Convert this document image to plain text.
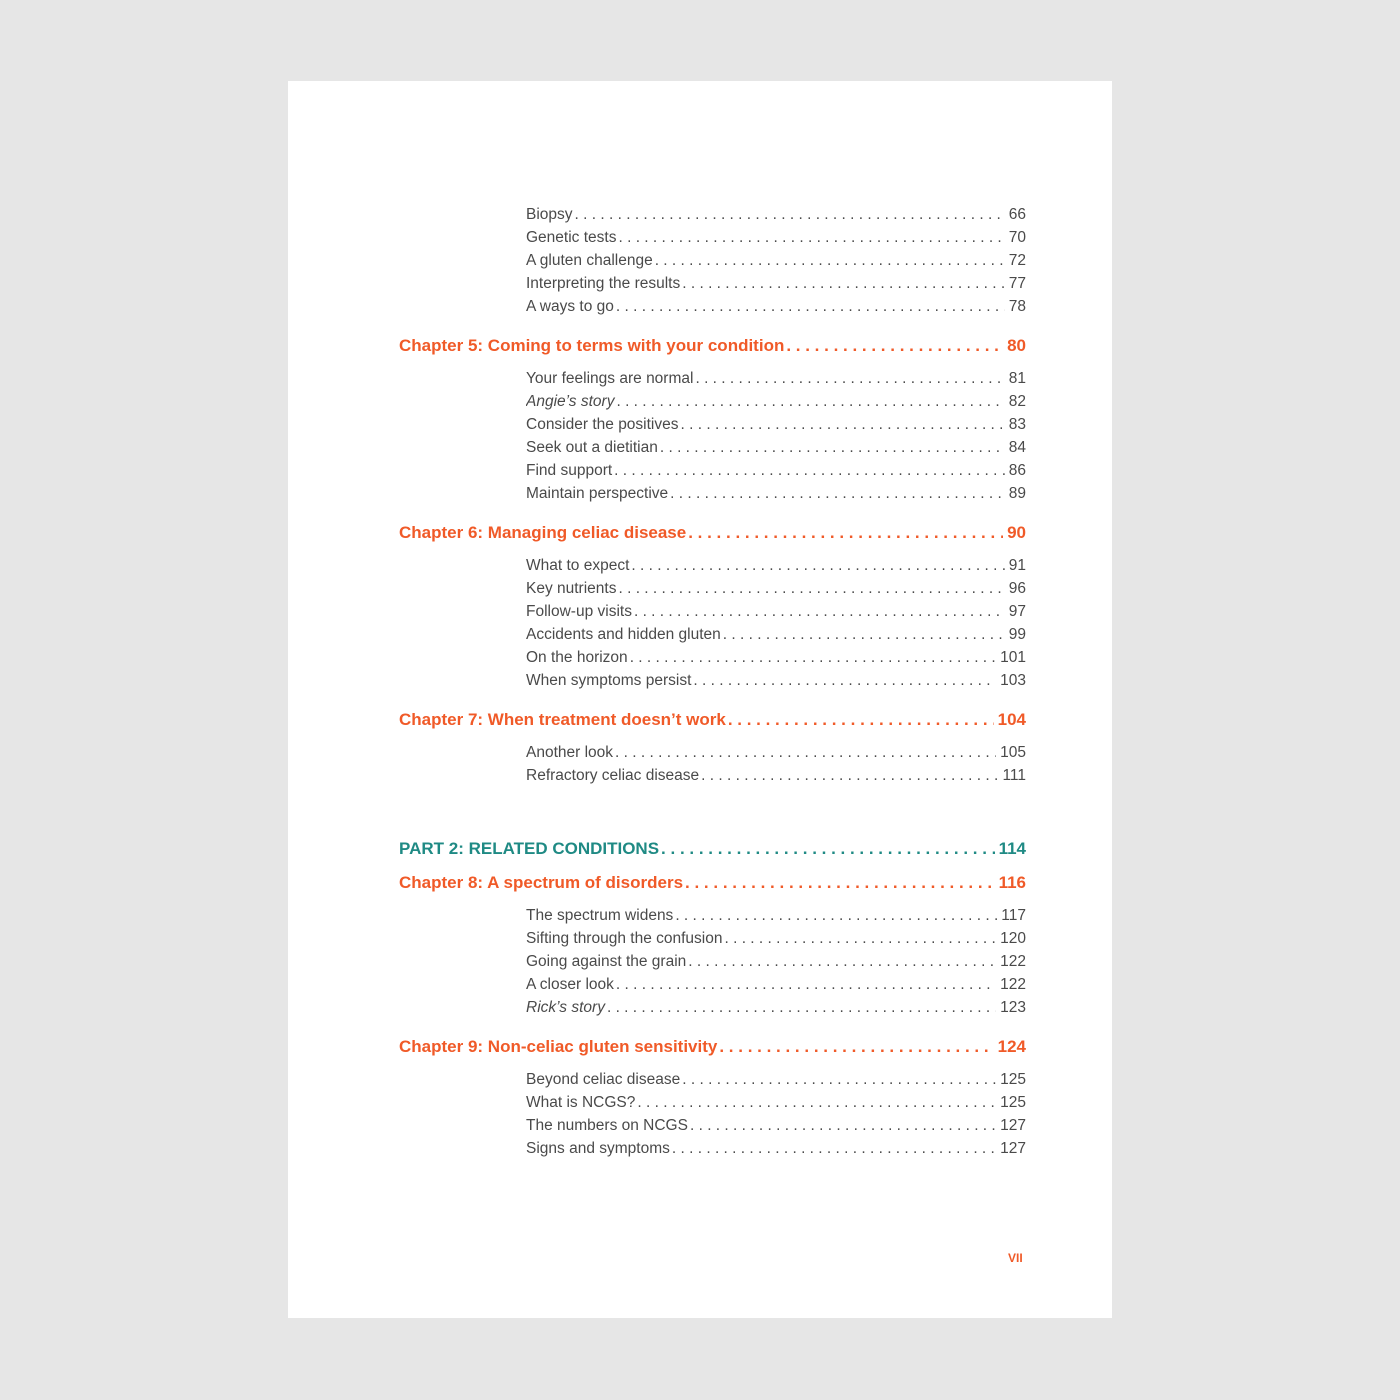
Biopsy . . .	66
Genetic tests . . .	70
A gluten challenge . . .	72
Interpreting the results . . .	77
A ways to go . . .	78
Chapter 5: Coming to terms with your condition . . .	80
Your feelings are normal . . .	81
Angie’s story . . .	82
Consider the positives . . .	83
Seek out a dietitian . . .	84
Find support . . .	86
Maintain perspective . . .	89
Chapter 6: Managing celiac disease . . .	90
What to expect . . .	91
Key nutrients . . .	96
Follow-up visits . . .	97
Accidents and hidden gluten . . .	99
On the horizon . . .	101
When symptoms persist . . .	103
Chapter 7: When treatment doesn’t work . . .	104
Another look . . .	105
Refractory celiac disease . . .	111
PART 2: RELATED CONDITIONS . . .	114
Chapter 8: A spectrum of disorders . . .	116
The spectrum widens . . .	117
Sifting through the confusion . . .	120
Going against the grain . . .	122
A closer look . . .	122
Rick’s story . . .	123
Chapter 9: Non-celiac gluten sensitivity . . .	124
Beyond celiac disease . . .	125
What is NCGS? . . .	125
The numbers on NCGS . . .	127
Signs and symptoms . . .	127
VII
